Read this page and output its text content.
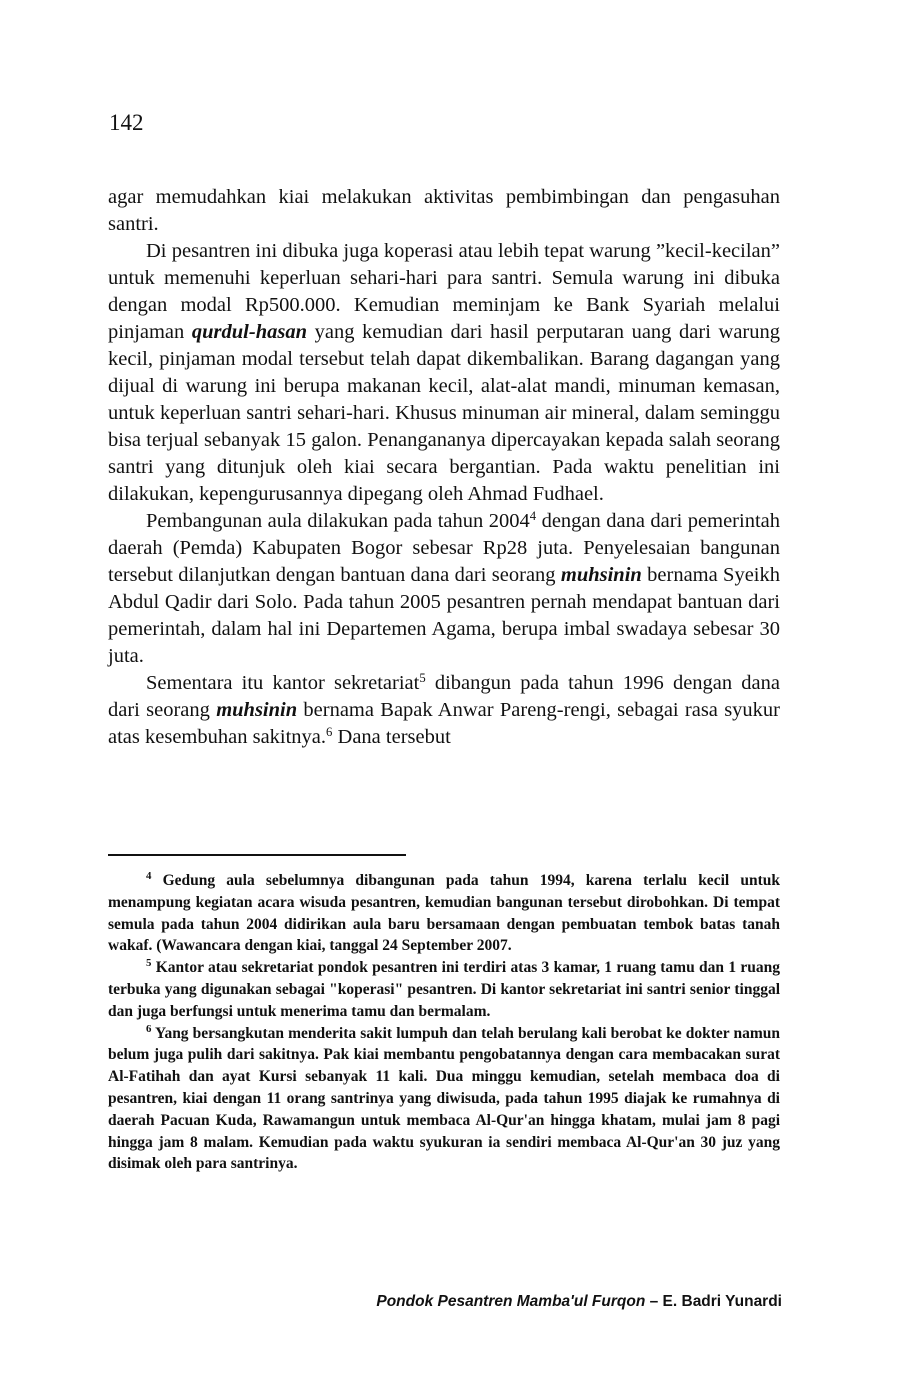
142

agar memudahkan kiai melakukan aktivitas pembimbingan dan pengasuhan santri.

Di pesantren ini dibuka juga koperasi atau lebih tepat warung ”kecil-kecilan” untuk memenuhi keperluan sehari-hari para santri. Semula warung ini dibuka dengan modal Rp500.000. Kemudian meminjam ke Bank Syariah melalui pinjaman qurdul-hasan yang kemudian dari hasil perputaran uang dari warung kecil, pinjaman modal tersebut telah dapat dikembalikan. Barang dagangan yang dijual di warung ini berupa makanan kecil, alat-alat mandi, minuman kemasan, untuk keperluan santri sehari-hari. Khusus minuman air mineral, dalam seminggu bisa terjual sebanyak 15 galon. Penangananya dipercayakan kepada salah seorang santri yang ditunjuk oleh kiai secara bergantian. Pada waktu penelitian ini dilakukan, kepengurusannya dipegang oleh Ahmad Fudhael.

Pembangunan aula dilakukan pada tahun 2004$^4$ dengan dana dari pemerintah daerah (Pemda) Kabupaten Bogor sebesar Rp28 juta. Penyelesaian bangunan tersebut dilanjutkan dengan bantuan dana dari seorang muhsinin bernama Syeikh Abdul Qadir dari Solo. Pada tahun 2005 pesantren pernah mendapat bantuan dari pemerintah, dalam hal ini Departemen Agama, berupa imbal swadaya sebesar 30 juta.

Sementara itu kantor sekretariat$^5$ dibangun pada tahun 1996 dengan dana dari seorang muhsinin bernama Bapak Anwar Pareng-rengi, sebagai rasa syukur atas kesembuhan sakitnya.$^6$ Dana tersebut

$^4$ Gedung aula sebelumnya dibangunan pada tahun 1994, karena terlalu kecil untuk menampung kegiatan acara wisuda pesantren, kemudian bangunan tersebut dirobohkan. Di tempat semula pada tahun 2004 didirikan aula baru bersamaan dengan pembuatan tembok batas tanah wakaf. (Wawancara dengan kiai, tanggal 24 September 2007.

$^5$ Kantor atau sekretariat pondok pesantren ini terdiri atas 3 kamar, 1 ruang tamu dan 1 ruang terbuka yang digunakan sebagai "koperasi" pesantren. Di kantor sekretariat ini santri senior tinggal dan juga berfungsi untuk menerima tamu dan bermalam.

$^6$ Yang bersangkutan menderita sakit lumpuh dan telah berulang kali berobat ke dokter namun belum juga pulih dari sakitnya. Pak kiai membantu pengobatannya dengan cara membacakan surat Al-Fatihah dan ayat Kursi sebanyak 11 kali. Dua minggu kemudian, setelah membaca doa di pesantren, kiai dengan 11 orang santrinya yang diwisuda, pada tahun 1995 diajak ke rumahnya di daerah Pacuan Kuda, Rawamangun untuk membaca Al-Qur'an hingga khatam, mulai jam 8 pagi hingga jam 8 malam. Kemudian pada waktu syukuran ia sendiri membaca Al-Qur'an 30 juz yang disimak oleh para santrinya.

Pondok Pesantren Mamba'ul Furqon – E. Badri Yunardi
